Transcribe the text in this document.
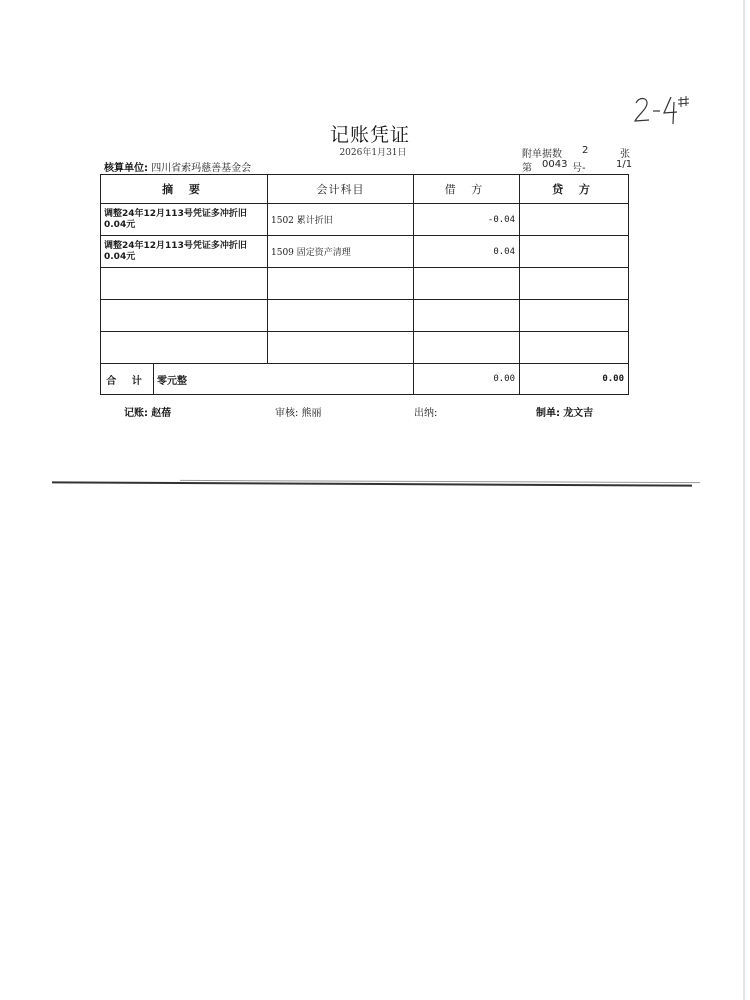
记账凭证
2026年1月31日	附单据数 2	张
核算单位: 四川省索玛慈善基金会	第 0043 号-	1/1
摘 要	会计科目	借 方	贷 方

调整24年12月113号凭证多冲折旧
0.04元	1502 累计折旧	-0.04	

调整24年12月113号凭证多冲折旧
0.04元	1509 固定资产清理	0.04	

合 计 零元整		0.00	0.00
记账: 赵蓓	审核: 熊丽	出纳:	制单: 龙文吉
